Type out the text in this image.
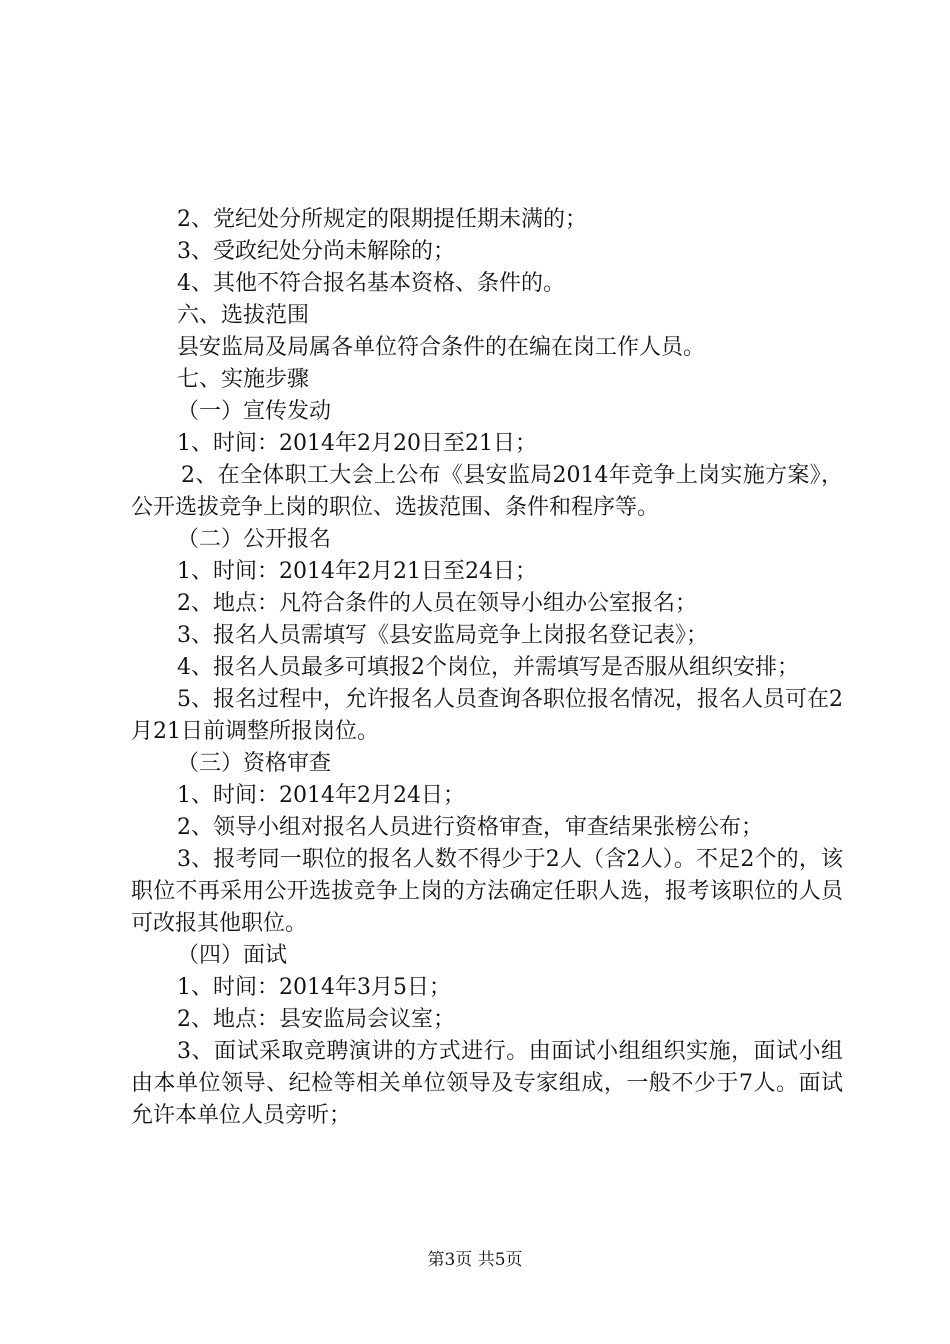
2、党纪处分所规定的限期提任期未满的；

3、受政纪处分尚未解除的；

4、其他不符合报名基本资格、条件的。

六、选拔范围

县安监局及局属各单位符合条件的在编在岗工作人员。

七、实施步骤

（一）宣传发动

1、时间：2014年2月20日至21日；

2、在全体职工大会上公布《县安监局2014年竞争上岗实施方案》，公开选拔竞争上岗的职位、选拔范围、条件和程序等。

（二）公开报名

1、时间：2014年2月21日至24日；

2、地点：凡符合条件的人员在领导小组办公室报名；

3、报名人员需填写《县安监局竞争上岗报名登记表》；

4、报名人员最多可填报2个岗位，并需填写是否服从组织安排；

5、报名过程中，允许报名人员查询各职位报名情况，报名人员可在2月21日前调整所报岗位。

（三）资格审查

1、时间：2014年2月24日；

2、领导小组对报名人员进行资格审查，审查结果张榜公布；

3、报考同一职位的报名人数不得少于2人（含2人）。不足2个的，该职位不再采用公开选拔竞争上岗的方法确定任职人选，报考该职位的人员可改报其他职位。

（四）面试

1、时间：2014年3月5日；

2、地点：县安监局会议室；

3、面试采取竞聘演讲的方式进行。由面试小组组织实施，面试小组由本单位领导、纪检等相关单位领导及专家组成，一般不少于7人。面试允许本单位人员旁听；

第3页 共5页
